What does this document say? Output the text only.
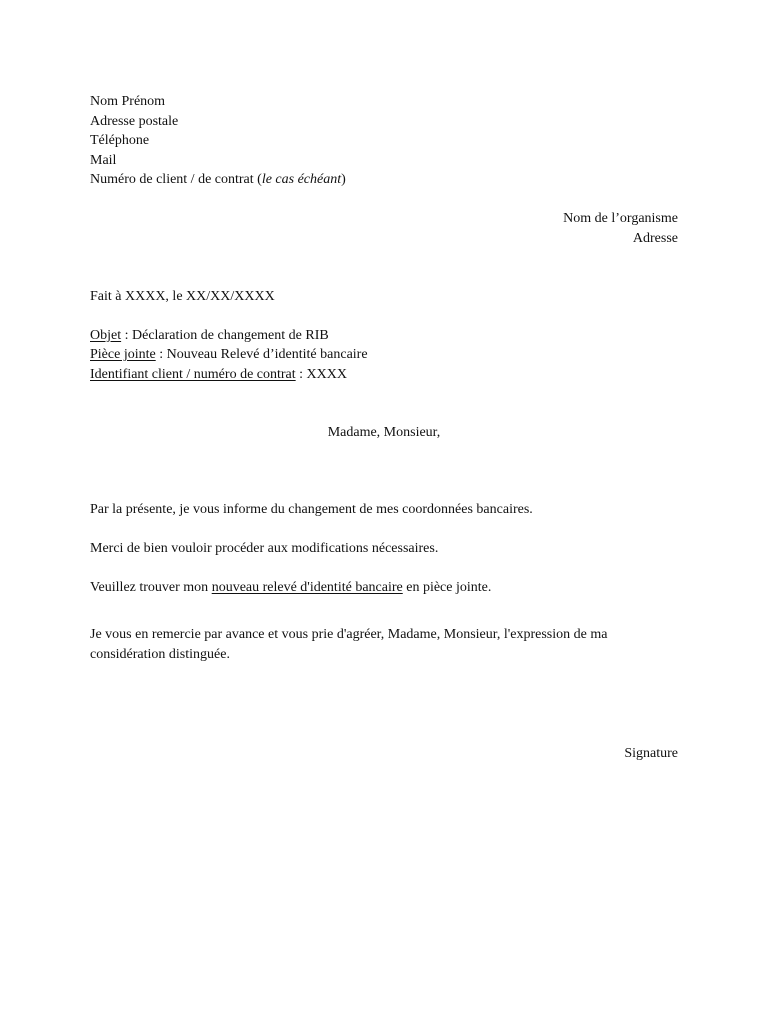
Nom Prénom
Adresse postale
Téléphone
Mail
Numéro de client / de contrat (le cas échéant)
Nom de l’organisme
Adresse
Fait à XXXX, le XX/XX/XXXX
Objet : Déclaration de changement de RIB
Pièce jointe : Nouveau Relevé d’identité bancaire
Identifiant client / numéro de contrat : XXXX
Madame, Monsieur,
Par la présente, je vous informe du changement de mes coordonnées bancaires.
Merci de bien vouloir procéder aux modifications nécessaires.
Veuillez trouver mon nouveau relevé d'identité bancaire en pièce jointe.
Je vous en remercie par avance et vous prie d'agréer, Madame, Monsieur, l'expression de ma
considération distinguée.
Signature
